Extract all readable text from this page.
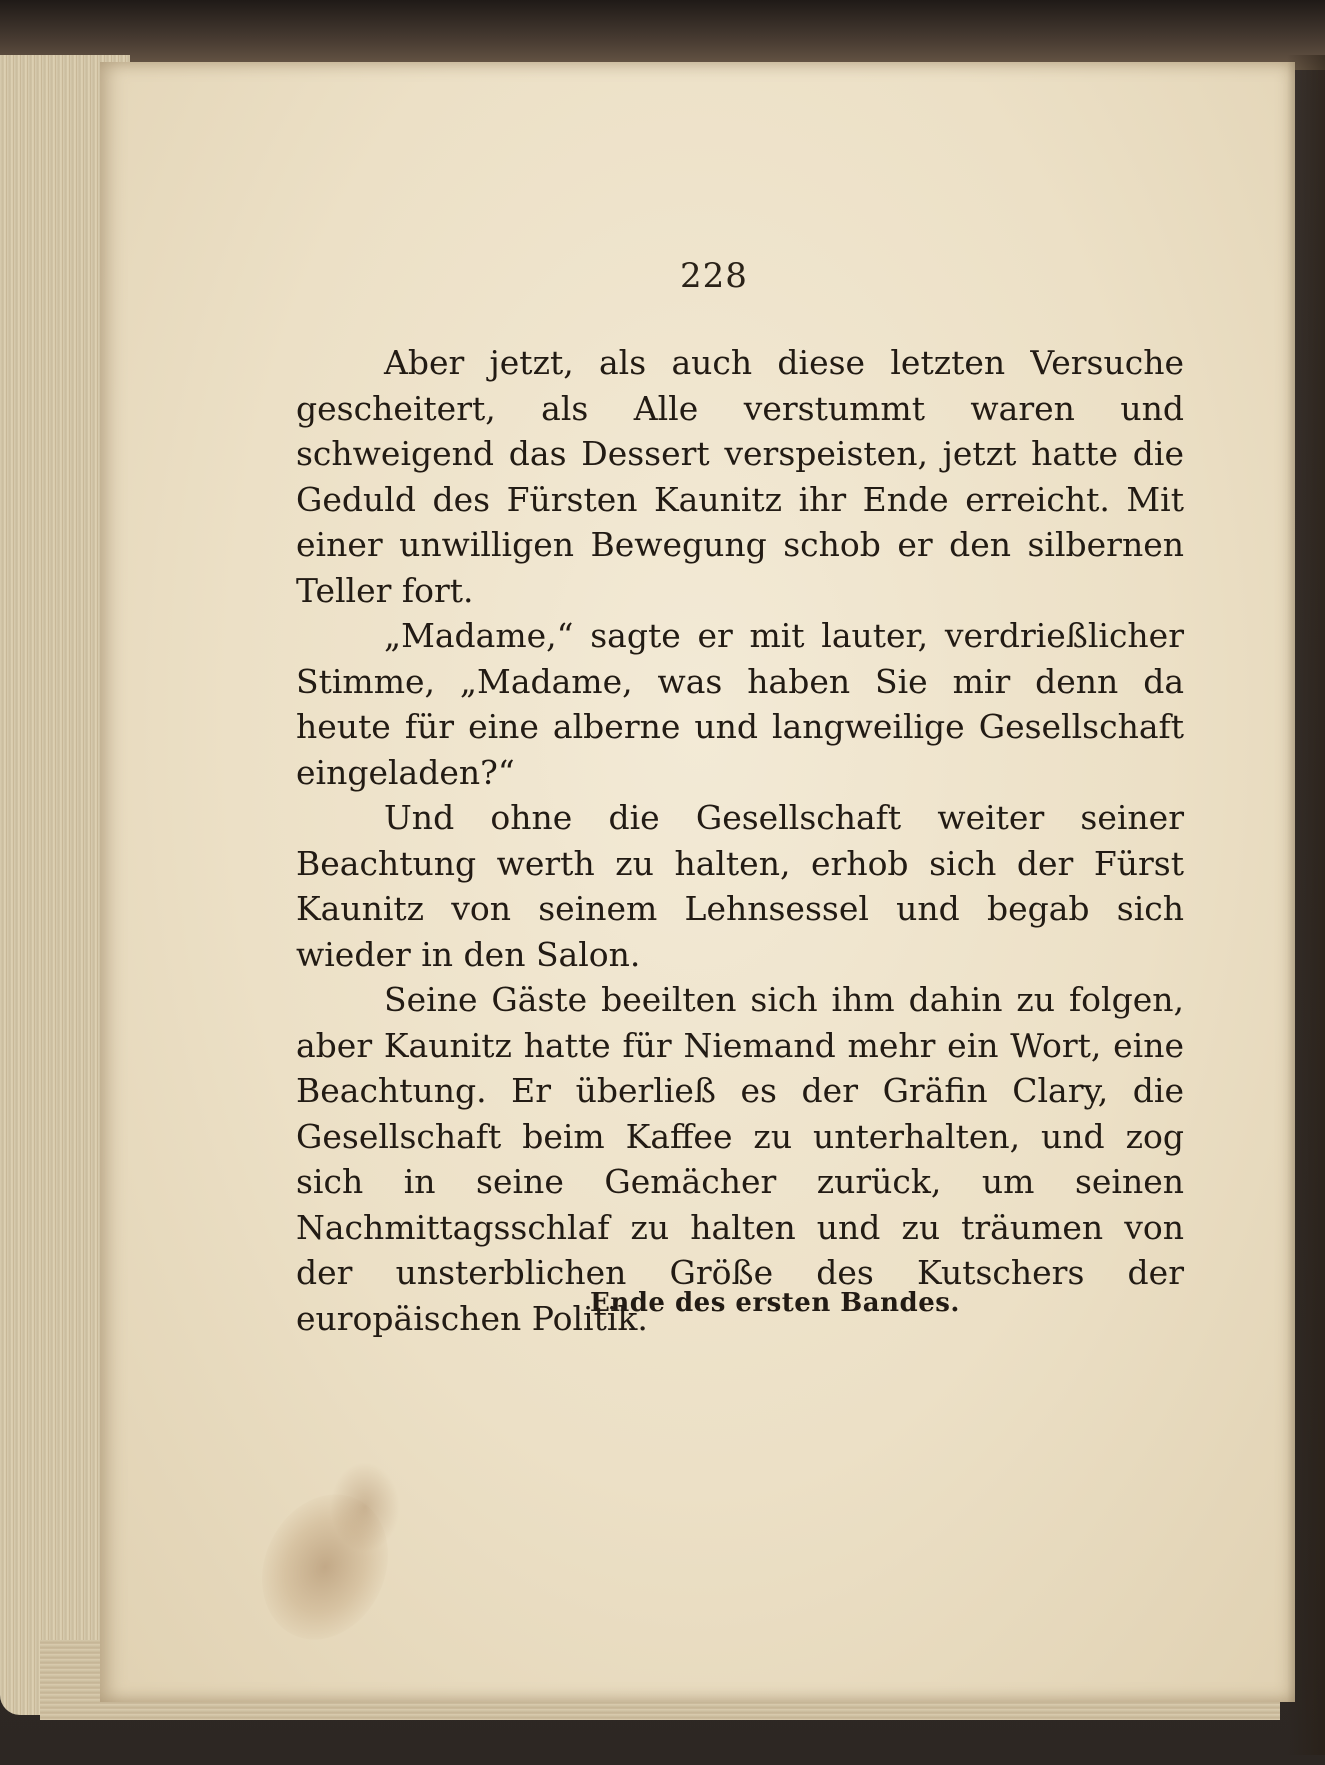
228

Aber jetzt, als auch diese letzten Versuche gescheitert, als Alle verstummt waren und schweigend das Dessert verspeisten, jetzt hatte die Geduld des Fürsten Kaunitz ihr Ende erreicht. Mit einer unwilligen Bewegung schob er den silbernen Teller fort.

„Madame,“ sagte er mit lauter, verdrießlicher Stimme, „Madame, was haben Sie mir denn da heute für eine alberne und langweilige Gesellschaft eingeladen?“

Und ohne die Gesellschaft weiter seiner Beachtung werth zu halten, erhob sich der Fürst Kaunitz von seinem Lehnsessel und begab sich wieder in den Salon.

Seine Gäste beeilten sich ihm dahin zu folgen, aber Kaunitz hatte für Niemand mehr ein Wort, eine Beachtung. Er überließ es der Gräfin Clary, die Gesellschaft beim Kaffee zu unterhalten, und zog sich in seine Gemächer zurück, um seinen Nachmittagsschlaf zu halten und zu träumen von der unsterblichen Größe des Kutschers der europäischen Politik.

Ende des ersten Bandes.
